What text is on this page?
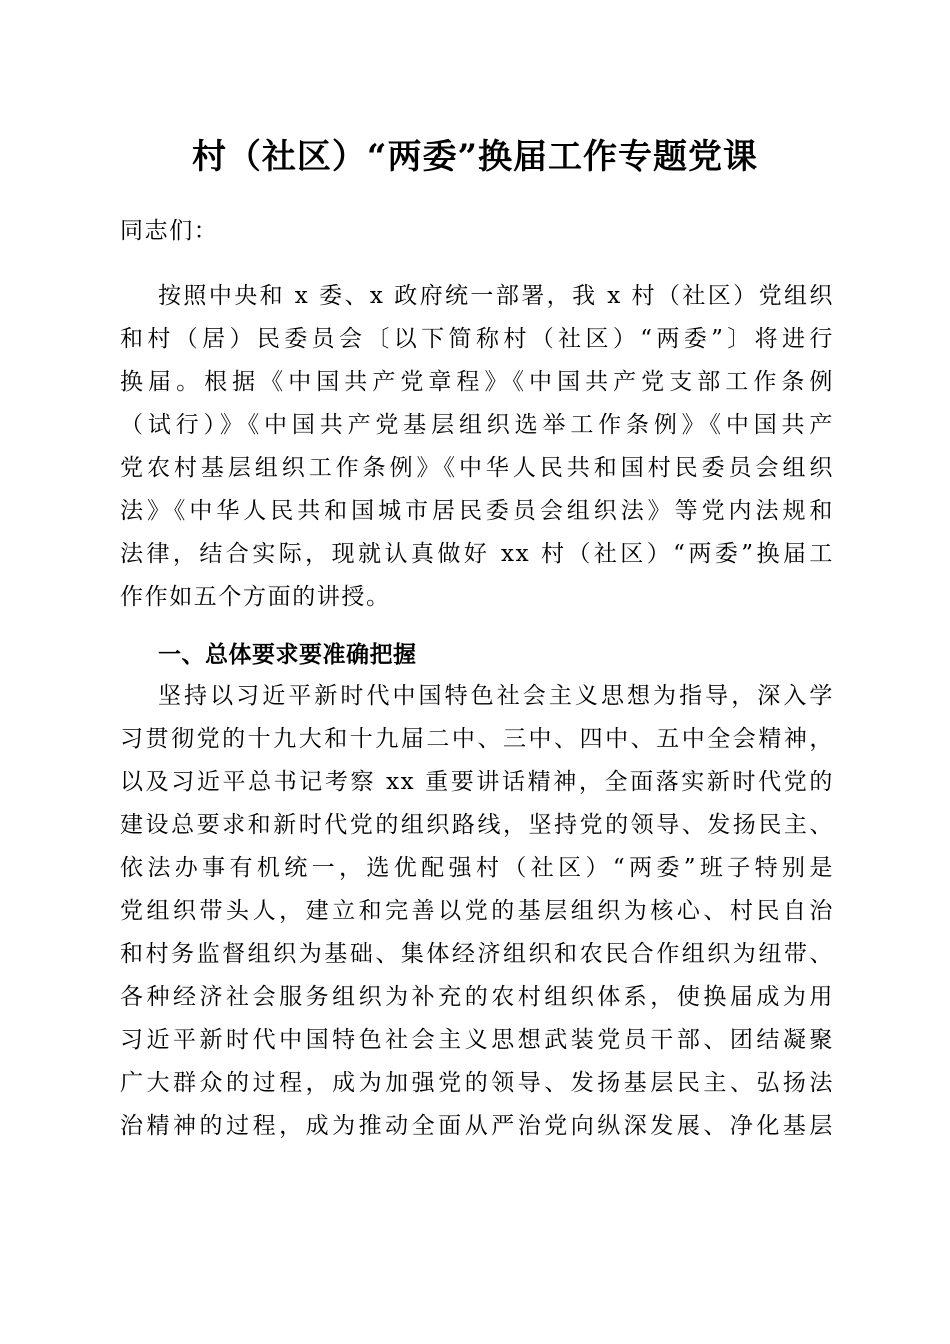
村（社区）“两委”换届工作专题党课

同志们：

按照中央和 x 委、x 政府统一部署，我 x 村（社区）党组织
和村（居）民委员会〔以下简称村（社区）“两委”〕将进行
换届。根据《中国共产党章程》《中国共产党支部工作条例
（试行）》《中国共产党基层组织选举工作条例》《中国共产
党农村基层组织工作条例》《中华人民共和国村民委员会组织
法》《中华人民共和国城市居民委员会组织法》等党内法规和
法律，结合实际，现就认真做好 xx 村（社区）“两委”换届工
作作如五个方面的讲授。
一、总体要求要准确把握
坚持以习近平新时代中国特色社会主义思想为指导，深入学
习贯彻党的十九大和十九届二中、三中、四中、五中全会精神，
以及习近平总书记考察 xx 重要讲话精神，全面落实新时代党的
建设总要求和新时代党的组织路线，坚持党的领导、发扬民主、
依法办事有机统一，选优配强村（社区）“两委”班子特别是
党组织带头人，建立和完善以党的基层组织为核心、村民自治
和村务监督组织为基础、集体经济组织和农民合作组织为纽带、
各种经济社会服务组织为补充的农村组织体系，使换届成为用
习近平新时代中国特色社会主义思想武装党员干部、团结凝聚
广大群众的过程，成为加强党的领导、发扬基层民主、弘扬法
治精神的过程，成为推动全面从严治党向纵深发展、净化基层
